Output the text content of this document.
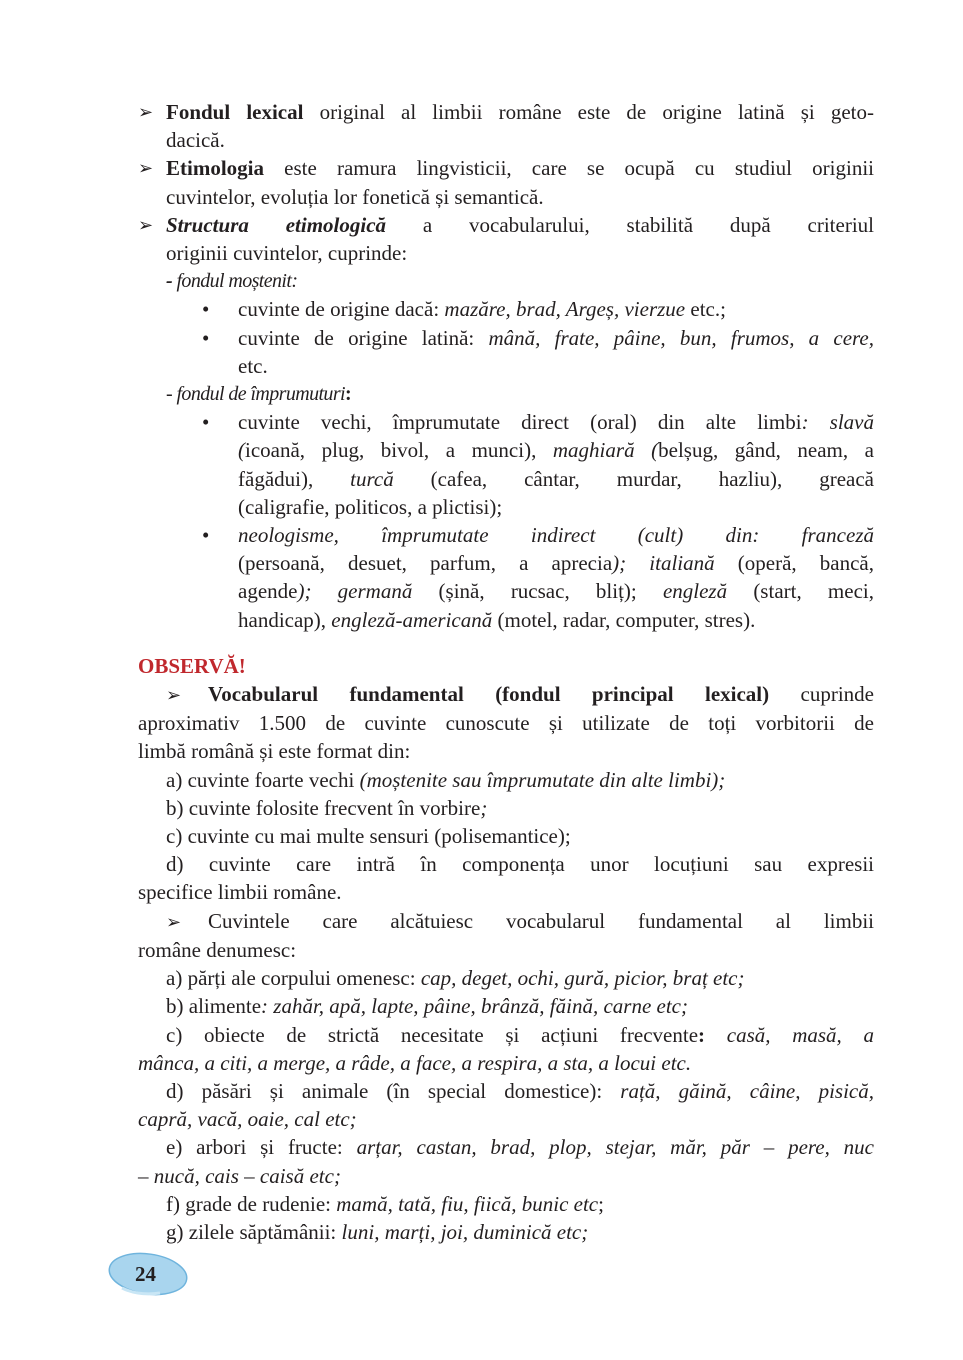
➢ Fondul lexical original al limbii române este de origine latină și geto-
dacică.
➢ Etimologia este ramura lingvisticii, care se ocupă cu studiul originii
cuvintelor, evoluția lor fonetică și semantică.
➢ Structura etimologică a vocabularului, stabilită după criteriul
originii cuvintelor, cuprinde:
- fondul moștenit:
• cuvinte de origine dacă: mazăre, brad, Argeș, vierzue etc.;
• cuvinte de origine latină: mână, frate, pâine, bun, frumos, a cere,
etc.
- fondul de împrumuturi:
• cuvinte vechi, împrumutate direct (oral) din alte limbi: slavă
(icoană, plug, bivol, a munci), maghiară (belșug, gând, neam, a
făgădui), turcă (cafea, cântar, murdar, hazliu), greacă
(caligrafie, politicos, a plictisi);
• neologisme, împrumutate indirect (cult) din: franceză
(persoană, desuet, parfum, a aprecia); italiană (operă, bancă,
agende); germană (șină, rucsac, bliț); engleză (start, meci,
handicap), engleză-americană (motel, radar, computer, stres).
OBSERVĂ!
➢ Vocabularul fundamental (fondul principal lexical) cuprinde
aproximativ 1.500 de cuvinte cunoscute și utilizate de toți vorbitorii de
limbă română și este format din:
a) cuvinte foarte vechi (moștenite sau împrumutate din alte limbi);
b) cuvinte folosite frecvent în vorbire;
c) cuvinte cu mai multe sensuri (polisemantice);
d) cuvinte care intră în componența unor locuțiuni sau expresii
specifice limbii române.
➢ Cuvintele care alcătuiesc vocabularul fundamental al limbii
române denumesc:
a) părți ale corpului omenesc: cap, deget, ochi, gură, picior, braț etc;
b) alimente: zahăr, apă, lapte, pâine, brânză, făină, carne etc;
c) obiecte de strictă necesitate și acțiuni frecvente: casă, masă, a
mânca, a citi, a merge, a râde, a face, a respira, a sta, a locui etc.
d) păsări și animale (în special domestice): rață, găină, câine, pisică,
capră, vacă, oaie, cal etc;
e) arbori și fructe: arțar, castan, brad, plop, stejar, măr, păr – pere, nuc
– nucă, cais – caisă etc;
f) grade de rudenie: mamă, tată, fiu, fiică, bunic etc;
g) zilele săptămânii: luni, marți, joi, duminică etc;
24
